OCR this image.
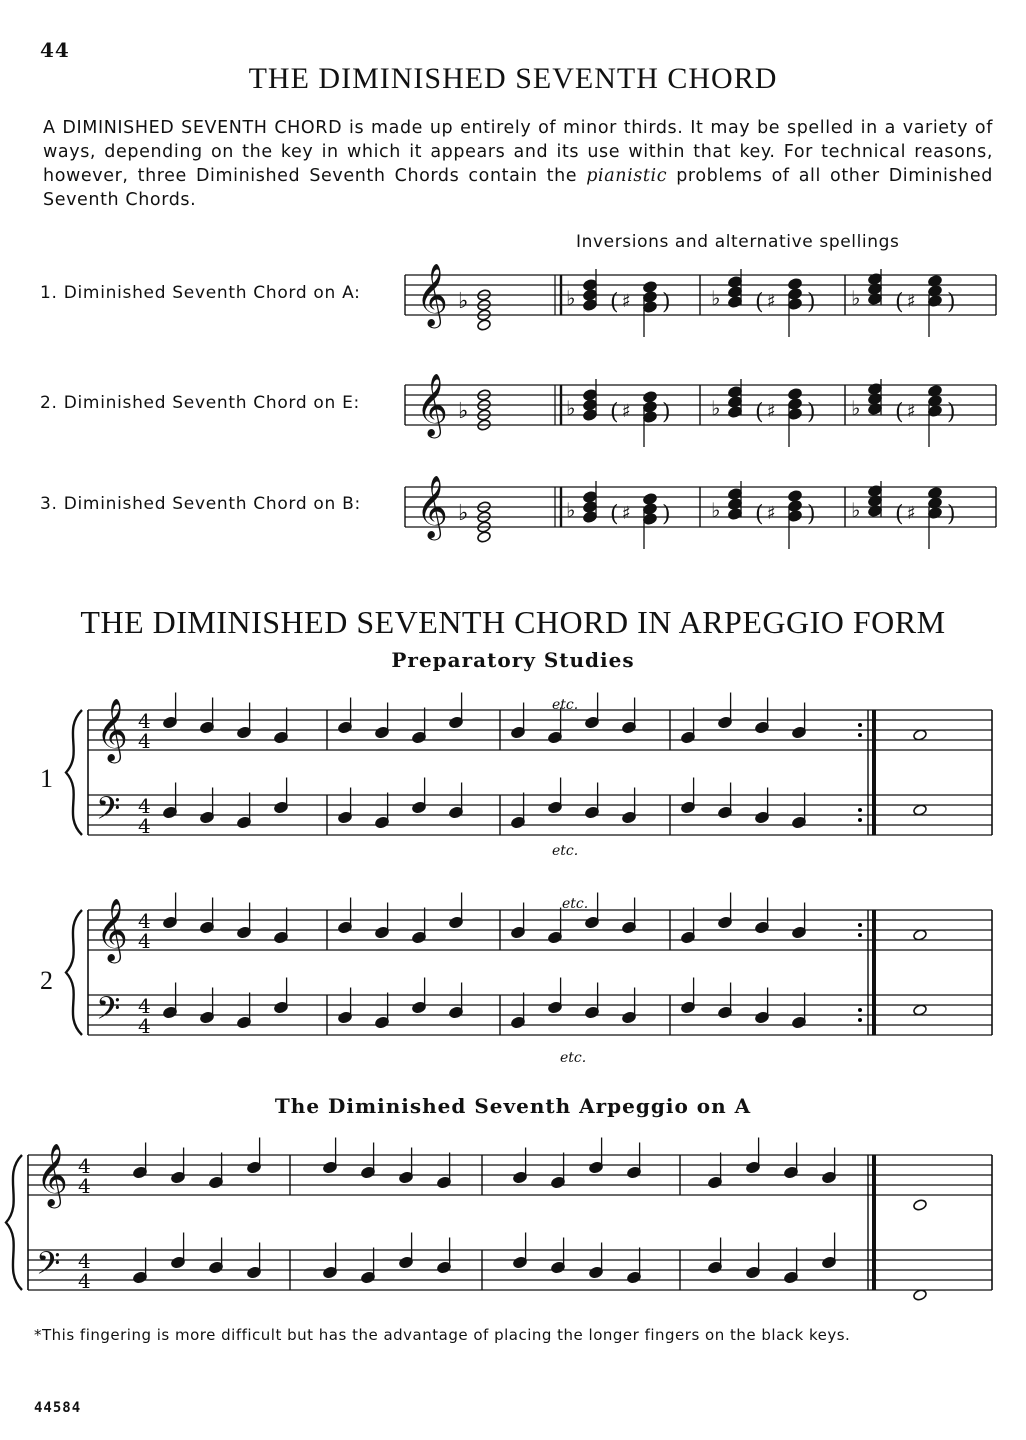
44
THE DIMINISHED SEVENTH CHORD
A DIMINISHED SEVENTH CHORD is made up entirely of minor thirds. It may be spelled in a variety of ways, depending on the key in which it appears and its use within that key. For technical reasons, however, three Diminished Seventh Chords contain the pianistic problems of all other Diminished Seventh Chords.
Inversions and alternative spellings
1. Diminished Seventh Chord on A:
2. Diminished Seventh Chord on E:
3. Diminished Seventh Chord on B:
𝄞 ♭	♭ ( ♯ ) ♭ ( ♯ ) ♭ ( ♯ )
𝄞 ♭	♭ ( ♯ ) ♭ ( ♯ ) ♭ ( ♯ )
𝄞 ♭	♭ ( ♯ ) ♭ ( ♯ ) ♭ ( ♯ )
𝄞
𝄢
4
4
4
4
𝄞
𝄢
4
4
4
4
𝄞
𝄢
4
4
4
4
THE DIMINISHED SEVENTH CHORD IN ARPEGGIO FORM
Preparatory Studies
1
2
etc.
etc.
etc.
etc.
The Diminished Seventh Arpeggio on A
*This fingering is more difficult but has the advantage of placing the longer fingers on the black keys.
44584
